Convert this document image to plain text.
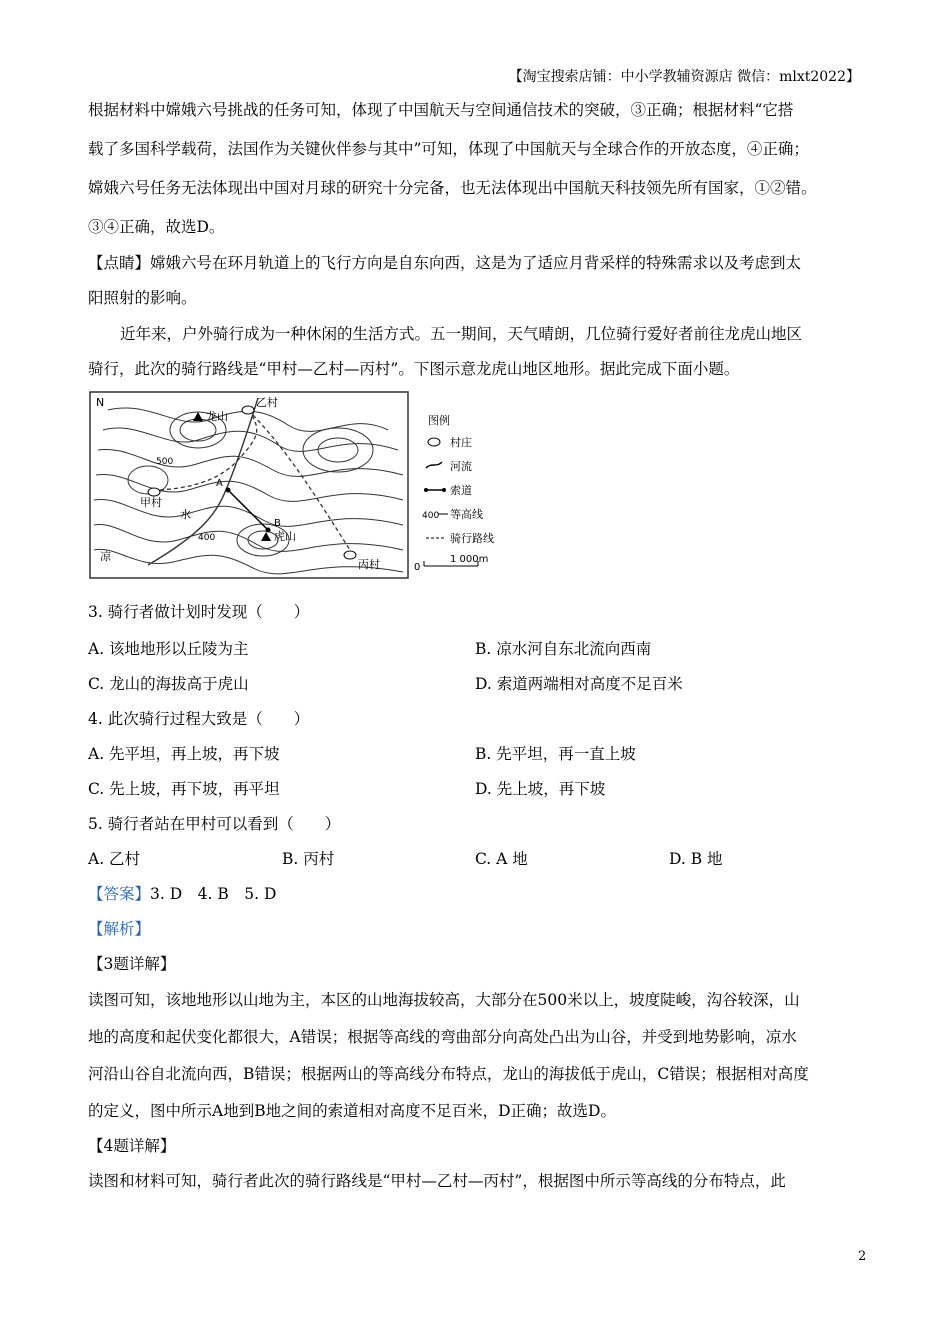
【淘宝搜索店铺：中小学教辅资源店 微信：mlxt2022】
根据材料中嫦娥六号挑战的任务可知，体现了中国航天与空间通信技术的突破，③正确；根据材料“它搭
载了多国科学载荷，法国作为关键伙伴参与其中”可知，体现了中国航天与全球合作的开放态度，④正确；
嫦娥六号任务无法体现出中国对月球的研究十分完备，也无法体现出中国航天科技领先所有国家，①②错。
③④正确，故选D。
【点睛】嫦娥六号在环月轨道上的飞行方向是自东向西，这是为了适应月背采样的特殊需求以及考虑到太
阳照射的影响。
近年来，户外骑行成为一种休闲的生活方式。五一期间，天气晴朗，几位骑行爱好者前往龙虎山地区
骑行，此次的骑行路线是“甲村—乙村—丙村”。下图示意龙虎山地区地形。据此完成下面小题。
N
龙山
虎山
甲村
乙村
丙村
凉
水
500
400
A
B
图例
村庄
河流
索道
400 等高线
骑行路线
0
1 000m
3. 骑行者做计划时发现（　　）
A. 该地地形以丘陵为主	B. 凉水河自东北流向西南
C. 龙山的海拔高于虎山	D. 索道两端相对高度不足百米
4. 此次骑行过程大致是（　　）
A. 先平坦，再上坡，再下坡	B. 先平坦，再一直上坡
C. 先上坡，再下坡，再平坦	D. 先上坡，再下坡
5. 骑行者站在甲村可以看到（　　）
A. 乙村	B. 丙村	C. A 地	D. B 地
【答案】3. D　4. B　5. D
【解析】
【3题详解】
读图可知，该地地形以山地为主，本区的山地海拔较高，大部分在500米以上，坡度陡峻，沟谷较深，山
地的高度和起伏变化都很大，A错误；根据等高线的弯曲部分向高处凸出为山谷，并受到地势影响，凉水
河沿山谷自北流向西，B错误；根据两山的等高线分布特点，龙山的海拔低于虎山，C错误；根据相对高度
的定义，图中所示A地到B地之间的索道相对高度不足百米，D正确；故选D。
【4题详解】
读图和材料可知，骑行者此次的骑行路线是“甲村—乙村—丙村”，根据图中所示等高线的分布特点，此
2
